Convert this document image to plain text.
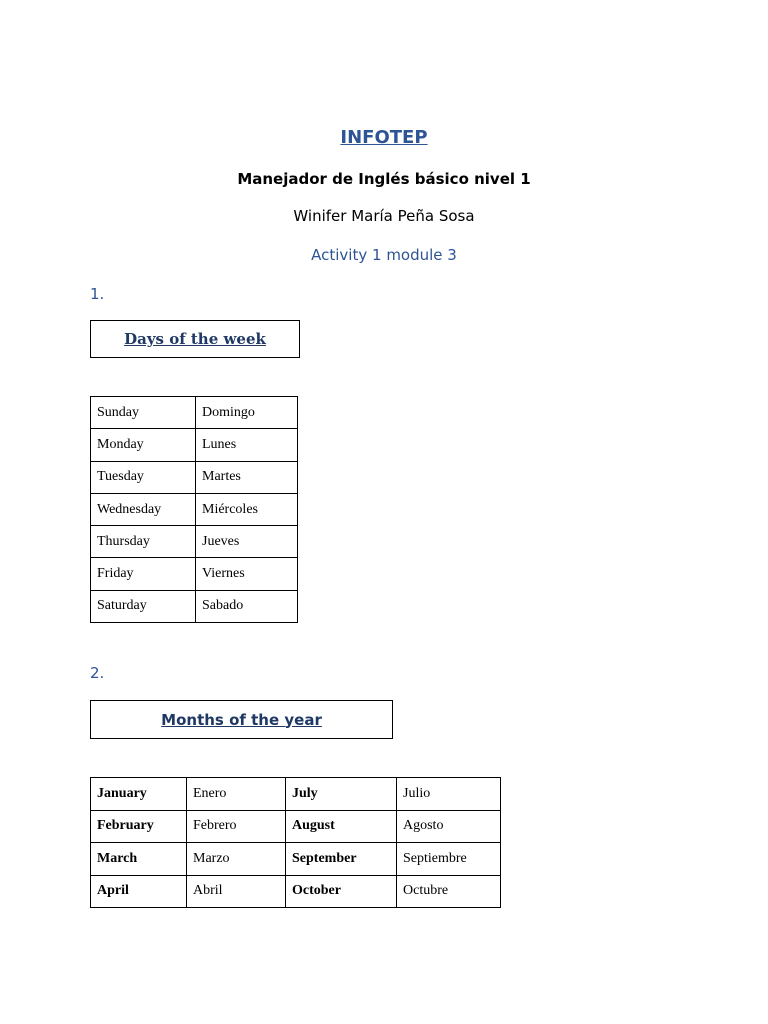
INFOTEP
Manejador de Inglés básico nivel 1
Winifer María Peña Sosa
Activity 1 module 3
1.
Days of the week
Sunday	Domingo
Monday	Lunes
Tuesday	Martes
Wednesday	Miércoles
Thursday	Jueves
Friday	Viernes
Saturday	Sabado
2.
Months of the year
January	Enero	July	Julio
February	Febrero	August	Agosto
March	Marzo	September	Septiembre
April	Abril	October	Octubre
